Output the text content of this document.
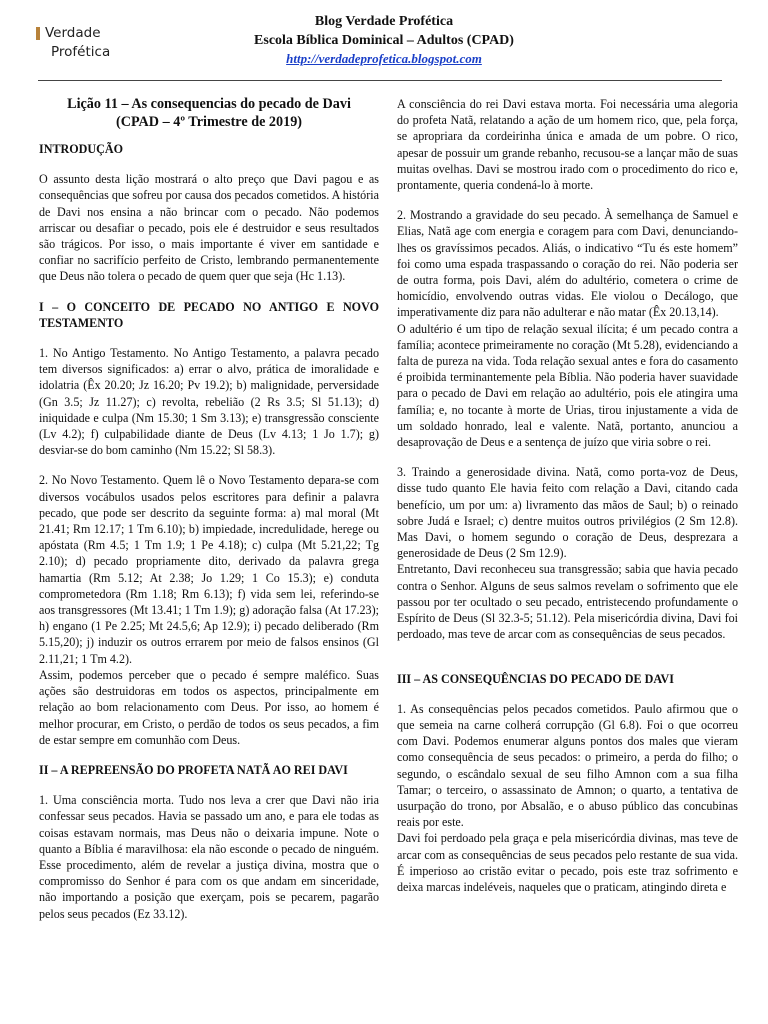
Verdade
Profética
Blog Verdade Profética
Escola Bíblica Dominical – Adultos (CPAD)
http://verdadeprofetica.blogspot.com

Lição 11 – As consequencias do pecado de Davi
(CPAD – 4º Trimestre de 2019)

INTRODUÇÃO

O assunto desta lição mostrará o alto preço que Davi pagou e as consequências que sofreu por causa dos pecados cometidos. A história de Davi nos ensina a não brincar com o pecado. Não podemos arriscar ou desafiar o pecado, pois ele é destruidor e seus resultados são trágicos. Por isso, o mais importante é viver em santidade e confiar no sacrifício perfeito de Cristo, lembrando permanentemente que Deus não tolera o pecado de quem quer que seja (Hc 1.13).

I – O CONCEITO DE PECADO NO ANTIGO E NOVO TESTAMENTO

1. No Antigo Testamento. No Antigo Testamento, a palavra pecado tem diversos significados: a) errar o alvo, prática de imoralidade e idolatria (Êx 20.20; Jz 16.20; Pv 19.2); b) malignidade, perversidade (Gn 3.5; Jz 11.27); c) revolta, rebelião (2 Rs 3.5; Sl 51.13); d) iniquidade e culpa (Nm 15.30; 1 Sm 3.13); e) transgressão consciente (Lv 4.2); f) culpabilidade diante de Deus (Lv 4.13; 1 Jo 1.7); g) desviar-se do bom caminho (Nm 15.22; Sl 58.3).

2. No Novo Testamento. Quem lê o Novo Testamento depara-se com diversos vocábulos usados pelos escritores para definir a palavra pecado, que pode ser descrito da seguinte forma: a) mal moral (Mt 21.41; Rm 12.17; 1 Tm 6.10); b) impiedade, incredulidade, herege ou apóstata (Rm 4.5; 1 Tm 1.9; 1 Pe 4.18); c) culpa (Mt 5.21,22; Tg 2.10); d) pecado propriamente dito, derivado da palavra grega hamartia (Rm 5.12; At 2.38; Jo 1.29; 1 Co 15.3); e) conduta comprometedora (Rm 1.18; Rm 6.13); f) vida sem lei, referindo-se aos transgressores (Mt 13.41; 1 Tm 1.9); g) adoração falsa (At 17.23); h) engano (1 Pe 2.25; Mt 24.5,6; Ap 12.9); i) pecado deliberado (Rm 5.15,20); j) induzir os outros errarem por meio de falsos ensinos (Gl 2.11,21; 1 Tm 4.2).

Assim, podemos perceber que o pecado é sempre maléfico. Suas ações são destruidoras em todos os aspectos, principalmente em relação ao bom relacionamento com Deus. Por isso, ao homem é melhor procurar, em Cristo, o perdão de todos os seus pecados, a fim de estar sempre em comunhão com Deus.

II – A REPREENSÃO DO PROFETA NATÃ AO REI DAVI

1. Uma consciência morta. Tudo nos leva a crer que Davi não iria confessar seus pecados. Havia se passado um ano, e para ele todas as coisas estavam normais, mas Deus não o deixaria impune. Note o quanto a Bíblia é maravilhosa: ela não esconde o pecado de ninguém. Esse procedimento, além de revelar a justiça divina, mostra que o compromisso do Senhor é para com os que andam em sinceridade, não importando a posição que exerçam, pois se pecarem, pagarão pelos seus pecados (Ez 33.12).

A consciência do rei Davi estava morta. Foi necessária uma alegoria do profeta Natã, relatando a ação de um homem rico, que, pela força, se apropriara da cordeirinha única e amada de um pobre. O rico, apesar de possuir um grande rebanho, recusou-se a lançar mão de suas muitas ovelhas. Davi se mostrou irado com o procedimento do rico e, prontamente, queria condená-lo à morte.

2. Mostrando a gravidade do seu pecado. À semelhança de Samuel e Elias, Natã age com energia e coragem para com Davi, denunciando-lhes os gravíssimos pecados. Aliás, o indicativo “Tu és este homem” foi como uma espada traspassando o coração do rei. Não poderia ser de outra forma, pois Davi, além do adultério, cometera o crime de homicídio, envolvendo outras vidas. Ele violou o Decálogo, que imperativamente diz para não adulterar e não matar (Êx 20.13,14).

O adultério é um tipo de relação sexual ilícita; é um pecado contra a família; acontece primeiramente no coração (Mt 5.28), evidenciando a falta de pureza na vida. Toda relação sexual antes e fora do casamento é proibida terminantemente pela Bíblia. Não poderia haver suavidade para o pecado de Davi em relação ao adultério, pois ele atingira uma família; e, no tocante à morte de Urias, tirou injustamente a vida de um soldado honrado, leal e valente. Natã, portanto, anunciou a desaprovação de Deus e a sentença de juízo que viria sobre o rei.

3. Traindo a generosidade divina. Natã, como porta-voz de Deus, disse tudo quanto Ele havia feito com relação a Davi, citando cada benefício, um por um: a) livramento das mãos de Saul; b) o reinado sobre Judá e Israel; c) dentre muitos outros privilégios (2 Sm 12.8). Mas Davi, o homem segundo o coração de Deus, desprezara a generosidade de Deus (2 Sm 12.9).

Entretanto, Davi reconheceu sua transgressão; sabia que havia pecado contra o Senhor. Alguns de seus salmos revelam o sofrimento que ele passou por ter ocultado o seu pecado, entristecendo profundamente o Espírito de Deus (Sl 32.3-5; 51.12). Pela misericórdia divina, Davi foi perdoado, mas teve de arcar com as consequências de seus pecados.

III – AS CONSEQUÊNCIAS DO PECADO DE DAVI

1. As consequências pelos pecados cometidos. Paulo afirmou que o que semeia na carne colherá corrupção (Gl 6.8). Foi o que ocorreu com Davi. Podemos enumerar alguns pontos dos males que vieram como consequência de seus pecados: o primeiro, a perda do filho; o segundo, o escândalo sexual de seu filho Amnon com a sua filha Tamar; o terceiro, o assassinato de Amnon; o quarto, a tentativa de usurpação do trono, por Absalão, e o abuso público das concubinas reais por este.

Davi foi perdoado pela graça e pela misericórdia divinas, mas teve de arcar com as consequências de seus pecados pelo restante de sua vida. É imperioso ao cristão evitar o pecado, pois este traz sofrimento e deixa marcas indeléveis, naqueles que o praticam, atingindo direta e
